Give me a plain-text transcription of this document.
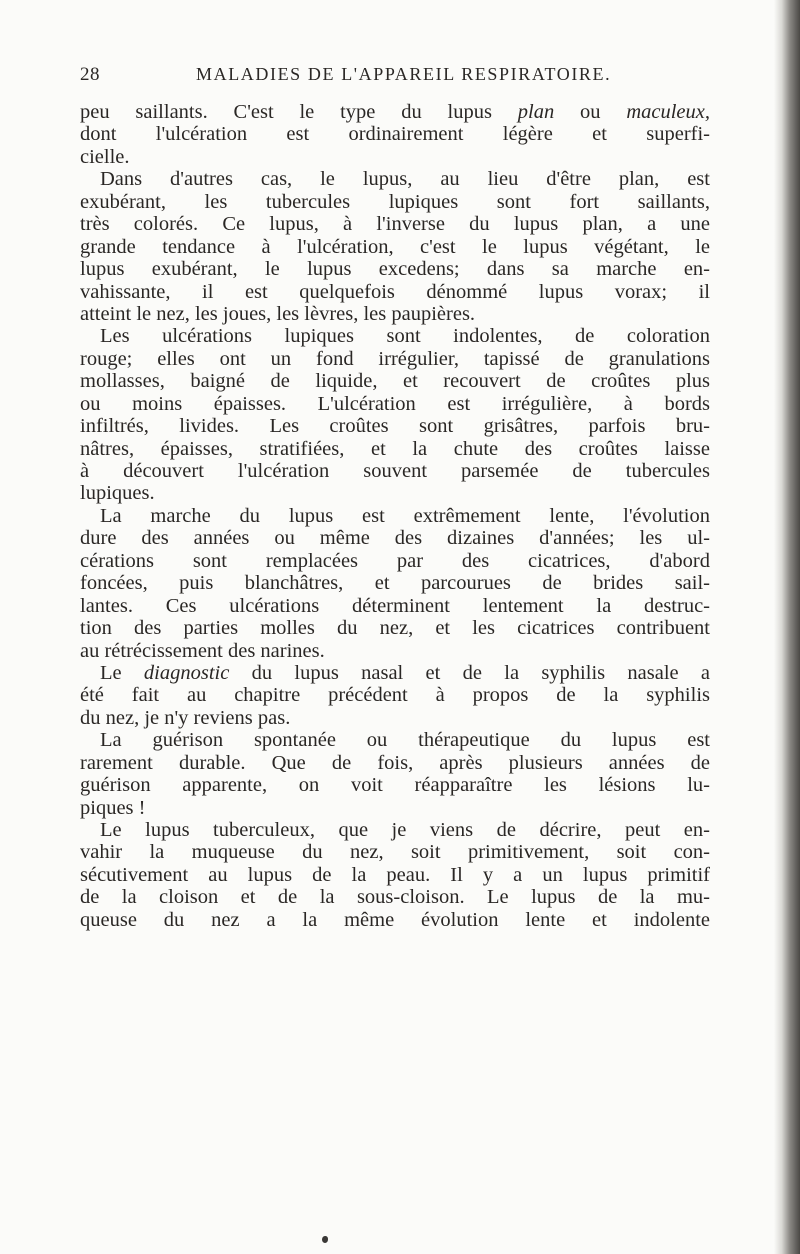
28	MALADIES DE L'APPAREIL RESPIRATOIRE.
peu saillants. C'est le type du lupus plan ou maculeux,
dont l'ulcération est ordinairement légère et superfi-
cielle.
Dans d'autres cas, le lupus, au lieu d'être plan, est
exubérant, les tubercules lupiques sont fort saillants,
très colorés. Ce lupus, à l'inverse du lupus plan, a une
grande tendance à l'ulcération, c'est le lupus végétant, le
lupus exubérant, le lupus excedens; dans sa marche en-
vahissante, il est quelquefois dénommé lupus vorax; il
atteint le nez, les joues, les lèvres, les paupières.
Les ulcérations lupiques sont indolentes, de coloration
rouge; elles ont un fond irrégulier, tapissé de granulations
mollasses, baigné de liquide, et recouvert de croûtes plus
ou moins épaisses. L'ulcération est irrégulière, à bords
infiltrés, livides. Les croûtes sont grisâtres, parfois bru-
nâtres, épaisses, stratifiées, et la chute des croûtes laisse
à découvert l'ulcération souvent parsemée de tubercules
lupiques.
La marche du lupus est extrêmement lente, l'évolution
dure des années ou même des dizaines d'années; les ul-
cérations sont remplacées par des cicatrices, d'abord
foncées, puis blanchâtres, et parcourues de brides sail-
lantes. Ces ulcérations déterminent lentement la destruc-
tion des parties molles du nez, et les cicatrices contribuent
au rétrécissement des narines.
Le diagnostic du lupus nasal et de la syphilis nasale a
été fait au chapitre précédent à propos de la syphilis
du nez, je n'y reviens pas.
La guérison spontanée ou thérapeutique du lupus est
rarement durable. Que de fois, après plusieurs années de
guérison apparente, on voit réapparaître les lésions lu-
piques !
Le lupus tuberculeux, que je viens de décrire, peut en-
vahir la muqueuse du nez, soit primitivement, soit con-
sécutivement au lupus de la peau. Il y a un lupus primitif
de la cloison et de la sous-cloison. Le lupus de la mu-
queuse du nez a la même évolution lente et indolente
